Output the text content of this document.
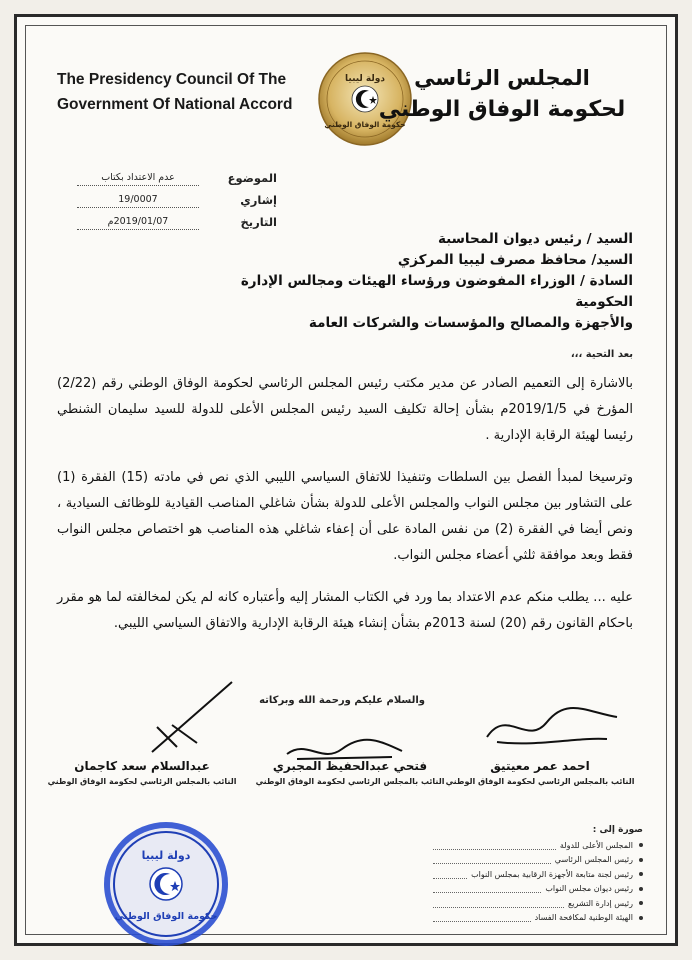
The Presidency Council Of The
Government Of National Accord
دولة ليبيا
حكومة الوفاق الوطني
المجلس الرئاسي
لحكومة الوفاق الوطني
الموضوع
عدم الاعتداد بكتاب
إشاري
19/0007
التاريخ
2019/01/07م
السيد / رئيس ديوان المحاسبة
السيد/ محافظ مصرف ليبيا المركزي
السادة / الوزراء المفوضون ورؤساء الهيئات ومجالس الإدارة الحكومية
والأجهزة والمصالح والمؤسسات والشركات العامة
بعد التحية ،،،

بالاشارة إلى التعميم الصادر عن مدير مكتب رئيس المجلس الرئاسي لحكومة الوفاق الوطني رقم (2/22) المؤرخ في 2019/1/5م بشأن إحالة تكليف السيد رئيس المجلس الأعلى للدولة للسيد سليمان الشنطي رئيسا لهيئة الرقابة الإدارية .

وترسيخا لمبدأ الفصل بين السلطات وتنفيذا للاتفاق السياسي الليبي الذي نص في مادته (15) الفقرة (1) على التشاور بين مجلس النواب والمجلس الأعلى للدولة بشأن شاغلي المناصب القيادية للوظائف السيادية ، ونص أيضا في الفقرة (2) من نفس المادة على أن إعفاء شاغلي هذه المناصب هو اختصاص مجلس النواب فقط وبعد موافقة ثلثي أعضاء مجلس النواب.

عليه ... يطلب منكم عدم الاعتداد بما ورد في الكتاب المشار إليه وأعتباره كانه لم يكن لمخالفته لما هو مقرر باحكام القانون رقم (20) لسنة 2013م بشأن إنشاء هيئة الرقابة الإدارية والاتفاق السياسي الليبي.

والسلام عليكم ورحمة الله وبركاته
احمد عمر معيتيق
النائب بالمجلس الرئاسي لحكومة الوفاق الوطني
فتحي عبدالحفيظ المجبري
النائب بالمجلس الرئاسي لحكومة الوفاق الوطني
عبدالسلام سعد كاجمان
النائب بالمجلس الرئاسي لحكومة الوفاق الوطني
دولة ليبيا
حكومة الوفاق الوطني
صورة إلى :
المجلس الأعلى للدولة
رئيس المجلس الرئاسي
رئيس لجنة متابعة الأجهزة الرقابية بمجلس النواب
رئيس ديوان مجلس النواب
رئيس إدارة التشريع
الهيئة الوطنية لمكافحة الفساد
